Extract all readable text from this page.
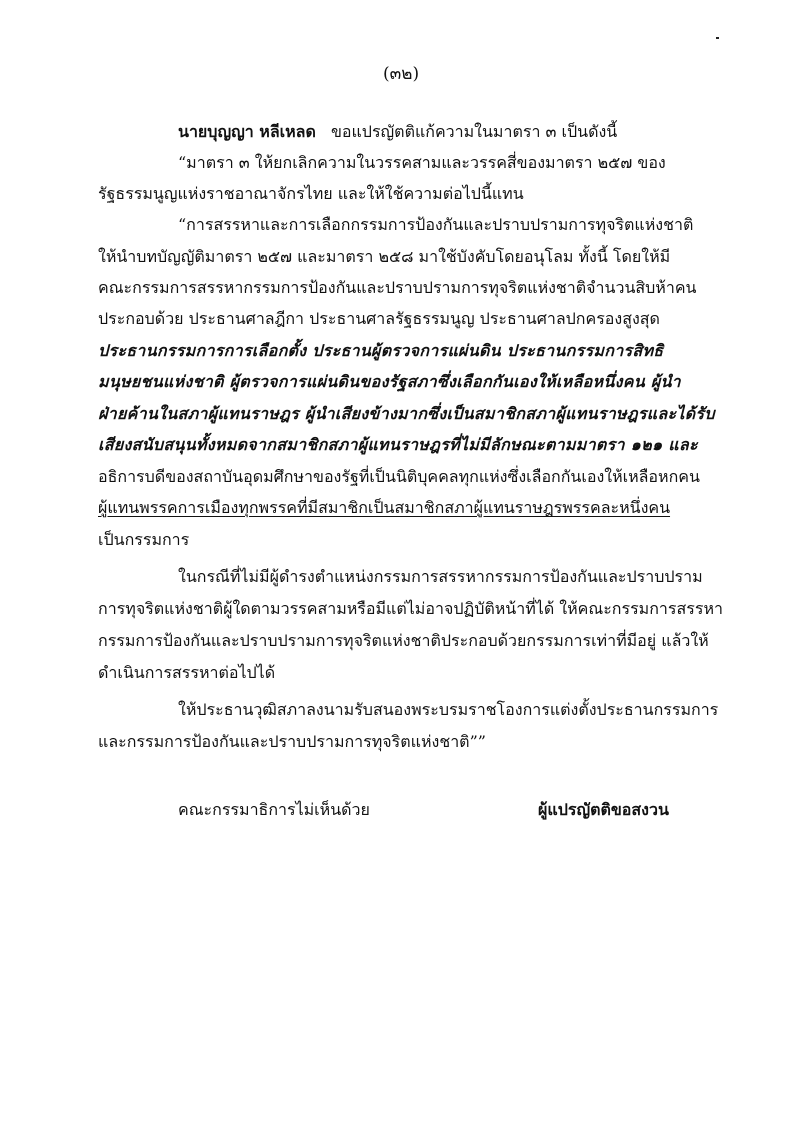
(๓๒)
นายบุญญา หลีเหลด ขอแปรญัตติแก้ความในมาตรา ๓ เป็นดังนี้
“มาตรา ๓ ให้ยกเลิกความในวรรคสามและวรรคสี่ของมาตรา ๒๕๗ ของ
รัฐธรรมนูญแห่งราชอาณาจักรไทย และให้ใช้ความต่อไปนี้แทน
“การสรรหาและการเลือกกรรมการป้องกันและปราบปรามการทุจริตแห่งชาติ
ให้นำบทบัญญัติมาตรา ๒๕๗ และมาตรา ๒๕๘ มาใช้บังคับโดยอนุโลม ทั้งนี้ โดยให้มี
คณะกรรมการสรรหากรรมการป้องกันและปราบปรามการทุจริตแห่งชาติจำนวนสิบห้าคน
ประกอบด้วย ประธานศาลฎีกา ประธานศาลรัฐธรรมนูญ ประธานศาลปกครองสูงสุด
ประธานกรรมการการเลือกตั้ง ประธานผู้ตรวจการแผ่นดิน ประธานกรรมการสิทธิ
มนุษยชนแห่งชาติ ผู้ตรวจการแผ่นดินของรัฐสภาซึ่งเลือกกันเองให้เหลือหนึ่งคน ผู้นำ
ฝ่ายค้านในสภาผู้แทนราษฎร ผู้นำเสียงข้างมากซึ่งเป็นสมาชิกสภาผู้แทนราษฎรและได้รับ
เสียงสนับสนุนทั้งหมดจากสมาชิกสภาผู้แทนราษฎรที่ไม่มีลักษณะตามมาตรา ๑๒๑ และ
อธิการบดีของสถาบันอุดมศึกษาของรัฐที่เป็นนิติบุคคลทุกแห่งซึ่งเลือกกันเองให้เหลือหกคน
ผู้แทนพรรคการเมืองทุกพรรคที่มีสมาชิกเป็นสมาชิกสภาผู้แทนราษฎรพรรคละหนึ่งคน
เป็นกรรมการ
ในกรณีที่ไม่มีผู้ดำรงตำแหน่งกรรมการสรรหากรรมการป้องกันและปราบปราม
การทุจริตแห่งชาติผู้ใดตามวรรคสามหรือมีแต่ไม่อาจปฏิบัติหน้าที่ได้ ให้คณะกรรมการสรรหา
กรรมการป้องกันและปราบปรามการทุจริตแห่งชาติประกอบด้วยกรรมการเท่าที่มีอยู่ แล้วให้
ดำเนินการสรรหาต่อไปได้
ให้ประธานวุฒิสภาลงนามรับสนองพระบรมราชโองการแต่งตั้งประธานกรรมการ
และกรรมการป้องกันและปราบปรามการทุจริตแห่งชาติ””
คณะกรรมาธิการไม่เห็นด้วย	ผู้แปรญัตติขอสงวน
